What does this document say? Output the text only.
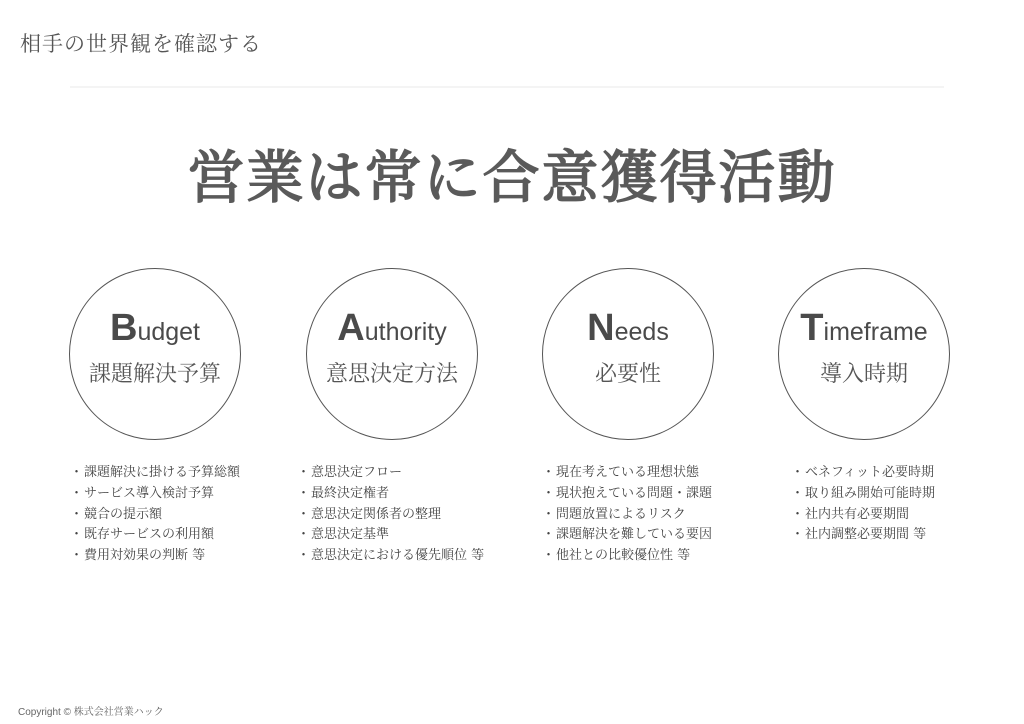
相手の世界観を確認する
営業は常に合意獲得活動
Budget
課題解決予算
Authority
意思決定方法
Needs
必要性
Timeframe
導入時期
・ 課題解決に掛ける予算総額
・ サービス導入検討予算
・ 競合の提示額
・ 既存サービスの利用額
・ 費用対効果の判断 等
・ 意思決定フロー
・ 最終決定権者
・ 意思決定関係者の整理
・ 意思決定基準
・ 意思決定における優先順位 等
・ 現在考えている理想状態
・ 現状抱えている問題・課題
・ 問題放置によるリスク
・ 課題解決を難している要因
・ 他社との比較優位性 等
・ ベネフィット必要時期
・ 取り組み開始可能時期
・ 社内共有必要期間
・ 社内調整必要期間 等
Copyright © 株式会社営業ハック
